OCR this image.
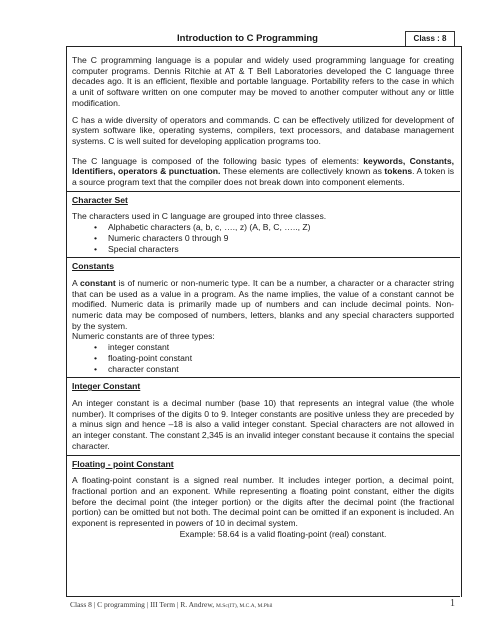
Introduction to C Programming	Class : 8

The C programming language is a popular and widely used programming language for creating computer programs. Dennis Ritchie at AT & T Bell Laboratories developed the C language three decades ago. It is an efficient, flexible and portable language. Portability refers to the case in which a unit of software written on one computer may be moved to another computer without any or little modification.

C has a wide diversity of operators and commands. C can be effectively utilized for development of system software like, operating systems, compilers, text processors, and database management systems. C is well suited for developing application programs too.

The C language is composed of the following basic types of elements: keywords, Constants, Identifiers, operators & punctuation. These elements are collectively known as tokens. A token is a source program text that the compiler does not break down into component elements.

Character Set

The characters used in C language are grouped into three classes.

• Alphabetic characters (a, b, c, …., z) (A, B, C, ….., Z)
• Numeric characters 0 through 9
• Special characters

Constants

A constant is of numeric or non-numeric type. It can be a number, a character or a character string that can be used as a value in a program. As the name implies, the value of a constant cannot be modified. Numeric data is primarily made up of numbers and can include decimal points. Non-numeric data may be composed of numbers, letters, blanks and any special characters supported by the system.

Numeric constants are of three types:

• integer constant
• floating-point constant
• character constant

Integer Constant

An integer constant is a decimal number (base 10) that represents an integral value (the whole number). It comprises of the digits 0 to 9. Integer constants are positive unless they are preceded by a minus sign and hence –18 is also a valid integer constant. Special characters are not allowed in an integer constant. The constant 2,345 is an invalid integer constant because it contains the special character.

Floating - point Constant

A floating-point constant is a signed real number. It includes integer portion, a decimal point, fractional portion and an exponent. While representing a floating point constant, either the digits before the decimal point (the integer portion) or the digits after the decimal point (the fractional portion) can be omitted but not both. The decimal point can be omitted if an exponent is included. An exponent is represented in powers of 10 in decimal system.

Example: 58.64 is a valid floating-point (real) constant.

Class 8 | C programming | III Term | R. Andrew, M.Sc(IT), M.C.A, M.Phil	1
